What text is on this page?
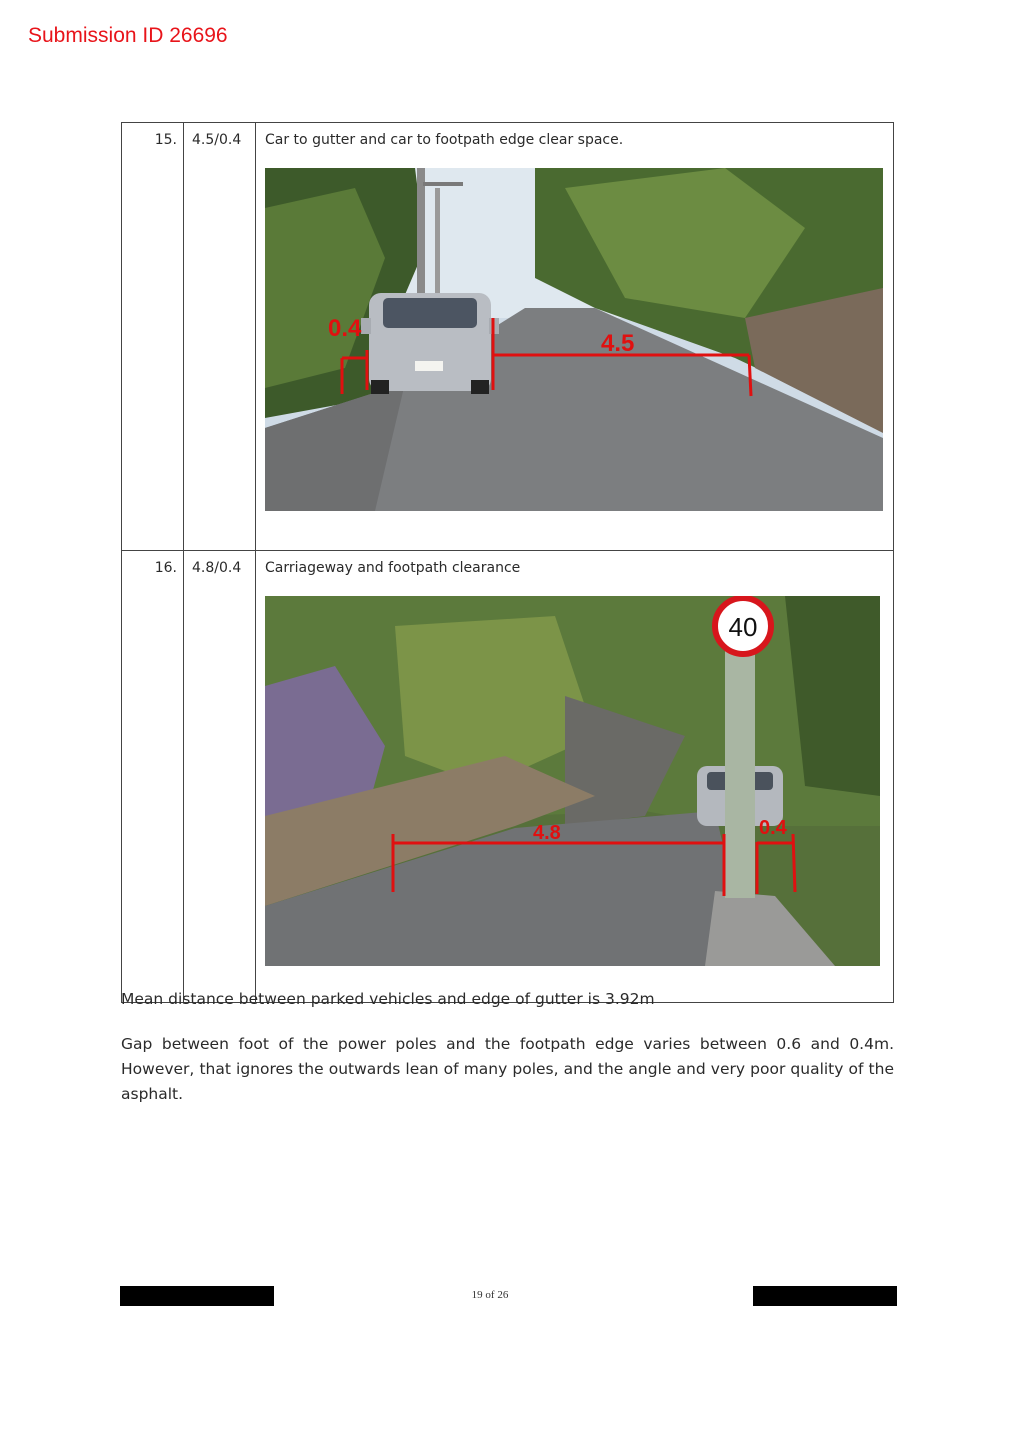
Submission ID 26696
15.	4.5/0.4	Car to gutter and car to footpath edge clear space.
0.4
4.5

16.	4.8/0.4	Carriageway and footpath clearance
40
4.8 0.4
Mean distance between parked vehicles and edge of gutter is 3.92m
Gap between foot of the power poles and the footpath edge varies between 0.6 and 0.4m. However, that ignores the outwards lean of many poles, and the angle and very poor quality of the asphalt.
19 of 26
